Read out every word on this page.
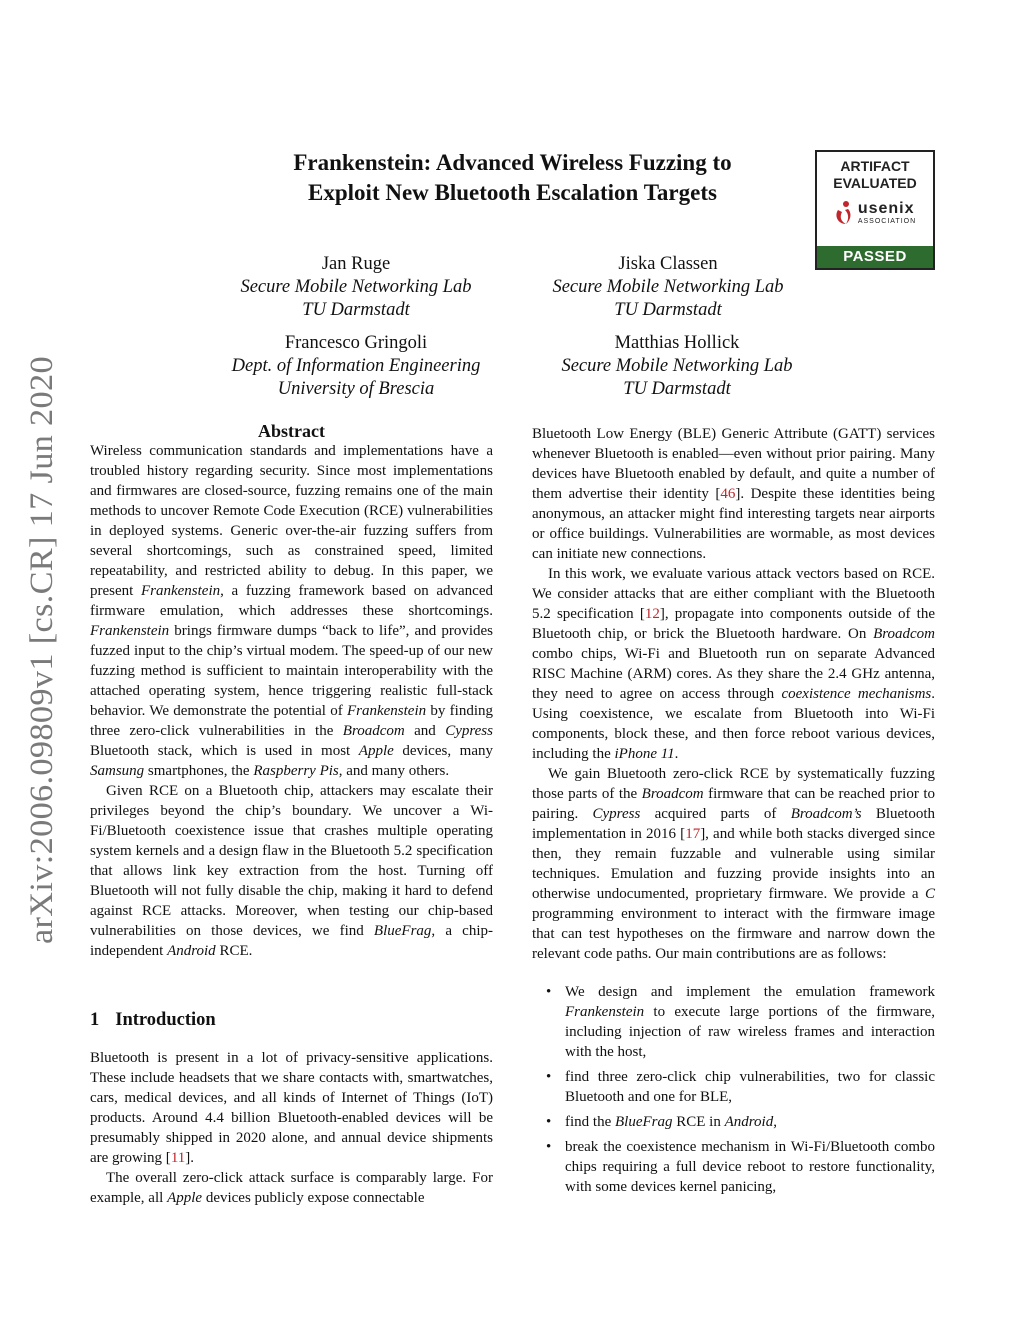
arXiv:2006.09809v1 [cs.CR] 17 Jun 2020
Frankenstein: Advanced Wireless Fuzzing to
Exploit New Bluetooth Escalation Targets
ARTIFACT
EVALUATED
usenix
ASSOCIATION
PASSED
Jan Ruge
Secure Mobile Networking Lab
TU Darmstadt
Jiska Classen
Secure Mobile Networking Lab
TU Darmstadt
Francesco Gringoli
Dept. of Information Engineering
University of Brescia
Matthias Hollick
Secure Mobile Networking Lab
TU Darmstadt
Abstract

Wireless communication standards and implementations have a troubled history regarding security. Since most implementations and firmwares are closed-source, fuzzing remains one of the main methods to uncover Remote Code Execution (RCE) vulnerabilities in deployed systems. Generic over-the-air fuzzing suffers from several shortcomings, such as constrained speed, limited repeatability, and restricted ability to debug. In this paper, we present Frankenstein, a fuzzing framework based on advanced firmware emulation, which addresses these shortcomings. Frankenstein brings firmware dumps “back to life”, and provides fuzzed input to the chip’s virtual modem. The speed-up of our new fuzzing method is sufficient to maintain interoperability with the attached operating system, hence triggering realistic full-stack behavior. We demonstrate the potential of Frankenstein by finding three zero-click vulnerabilities in the Broadcom and Cypress Bluetooth stack, which is used in most Apple devices, many Samsung smartphones, the Raspberry Pis, and many others.

Given RCE on a Bluetooth chip, attackers may escalate their privileges beyond the chip’s boundary. We uncover a Wi-Fi/Bluetooth coexistence issue that crashes multiple operating system kernels and a design flaw in the Bluetooth 5.2 specification that allows link key extraction from the host. Turning off Bluetooth will not fully disable the chip, making it hard to defend against RCE attacks. Moreover, when testing our chip-based vulnerabilities on those devices, we find BlueFrag, a chip-independent Android RCE.

1 Introduction

Bluetooth is present in a lot of privacy-sensitive applications. These include headsets that we share contacts with, smartwatches, cars, medical devices, and all kinds of Internet of Things (IoT) products. Around 4.4 billion Bluetooth-enabled devices will be presumably shipped in 2020 alone, and annual device shipments are growing [11].

The overall zero-click attack surface is comparably large. For example, all Apple devices publicly expose connectable

Bluetooth Low Energy (BLE) Generic Attribute (GATT) services whenever Bluetooth is enabled—even without prior pairing. Many devices have Bluetooth enabled by default, and quite a number of them advertise their identity [46]. Despite these identities being anonymous, an attacker might find interesting targets near airports or office buildings. Vulnerabilities are wormable, as most devices can initiate new connections.

In this work, we evaluate various attack vectors based on RCE. We consider attacks that are either compliant with the Bluetooth 5.2 specification [12], propagate into components outside of the Bluetooth chip, or brick the Bluetooth hardware. On Broadcom combo chips, Wi-Fi and Bluetooth run on separate Advanced RISC Machine (ARM) cores. As they share the 2.4 GHz antenna, they need to agree on access through coexistence mechanisms. Using coexistence, we escalate from Bluetooth into Wi-Fi components, block these, and then force reboot various devices, including the iPhone 11.

We gain Bluetooth zero-click RCE by systematically fuzzing those parts of the Broadcom firmware that can be reached prior to pairing. Cypress acquired parts of Broadcom’s Bluetooth implementation in 2016 [17], and while both stacks diverged since then, they remain fuzzable and vulnerable using similar techniques. Emulation and fuzzing provide insights into an otherwise undocumented, proprietary firmware. We provide a C programming environment to interact with the firmware image that can test hypotheses on the firmware and narrow down the relevant code paths. Our main contributions are as follows:

• We design and implement the emulation framework Frankenstein to execute large portions of the firmware, including injection of raw wireless frames and interaction with the host,
• find three zero-click chip vulnerabilities, two for classic Bluetooth and one for BLE,
• find the BlueFrag RCE in Android,
• break the coexistence mechanism in Wi-Fi/Bluetooth combo chips requiring a full device reboot to restore functionality, with some devices kernel panicing,
